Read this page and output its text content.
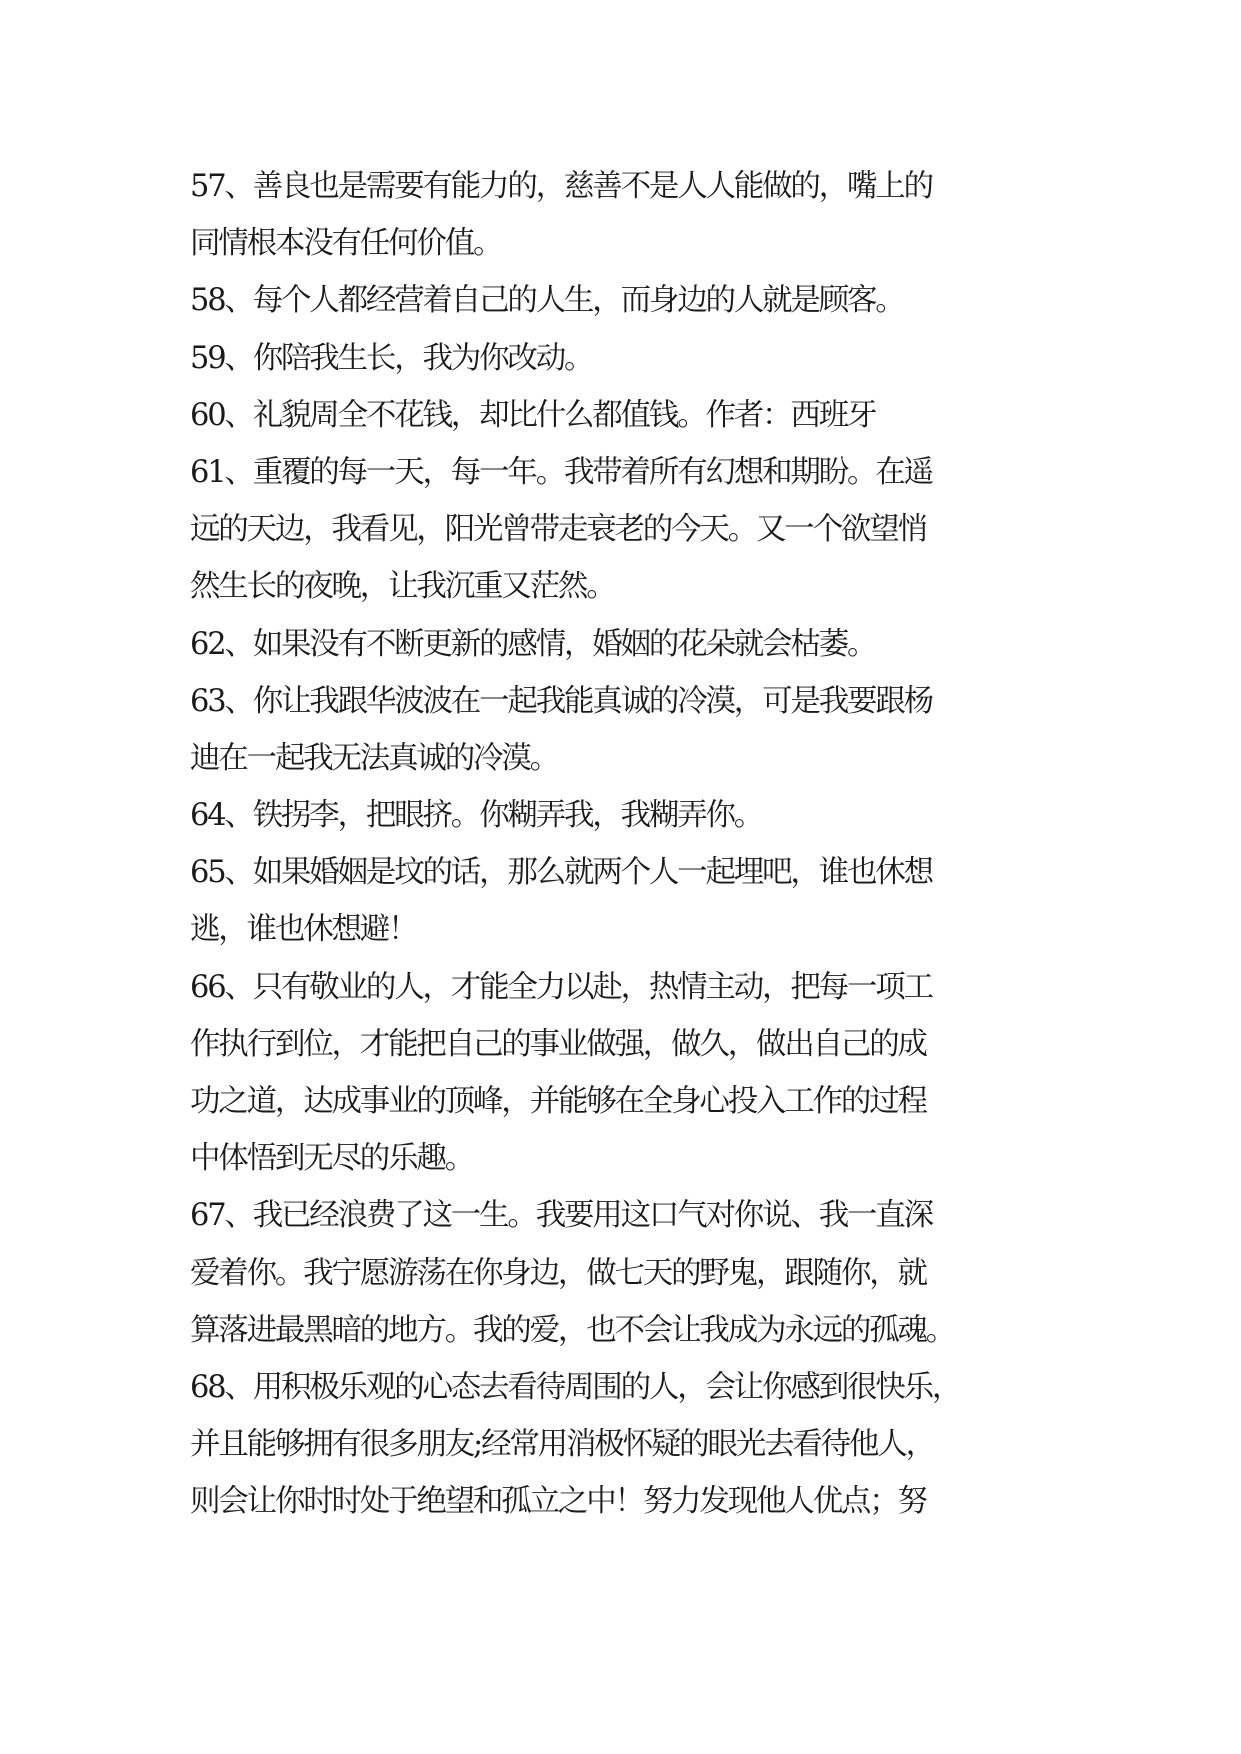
57、善良也是需要有能力的，慈善不是人人能做的，嘴上的
同情根本没有任何价值。
58、每个人都经营着自己的人生，而身边的人就是顾客。
59、你陪我生长，我为你改动。
60、礼貌周全不花钱，却比什么都值钱。作者：西班牙
61、重覆的每一天，每一年。我带着所有幻想和期盼。在遥
远的天边，我看见，阳光曾带走衰老的今天。又一个欲望悄
然生长的夜晚，让我沉重又茫然。
62、如果没有不断更新的感情，婚姻的花朵就会枯萎。
63、你让我跟华波波在一起我能真诚的冷漠，可是我要跟杨
迪在一起我无法真诚的冷漠。
64、铁拐李，把眼挤。你糊弄我，我糊弄你。
65、如果婚姻是坟的话，那么就两个人一起埋吧，谁也休想
逃，谁也休想避！
66、只有敬业的人，才能全力以赴，热情主动，把每一项工
作执行到位，才能把自己的事业做强，做久，做出自己的成
功之道，达成事业的顶峰，并能够在全身心投入工作的过程
中体悟到无尽的乐趣。
67、我已经浪费了这一生。我要用这口气对你说、我一直深
爱着你。我宁愿游荡在你身边，做七天的野鬼，跟随你，就
算落进最黑暗的地方。我的爱，也不会让我成为永远的孤魂。
68、用积极乐观的心态去看待周围的人，会让你感到很快乐，
并且能够拥有很多朋友;经常用消极怀疑的眼光去看待他人，
则会让你时时处于绝望和孤立之中！努力发现他人优点；努
